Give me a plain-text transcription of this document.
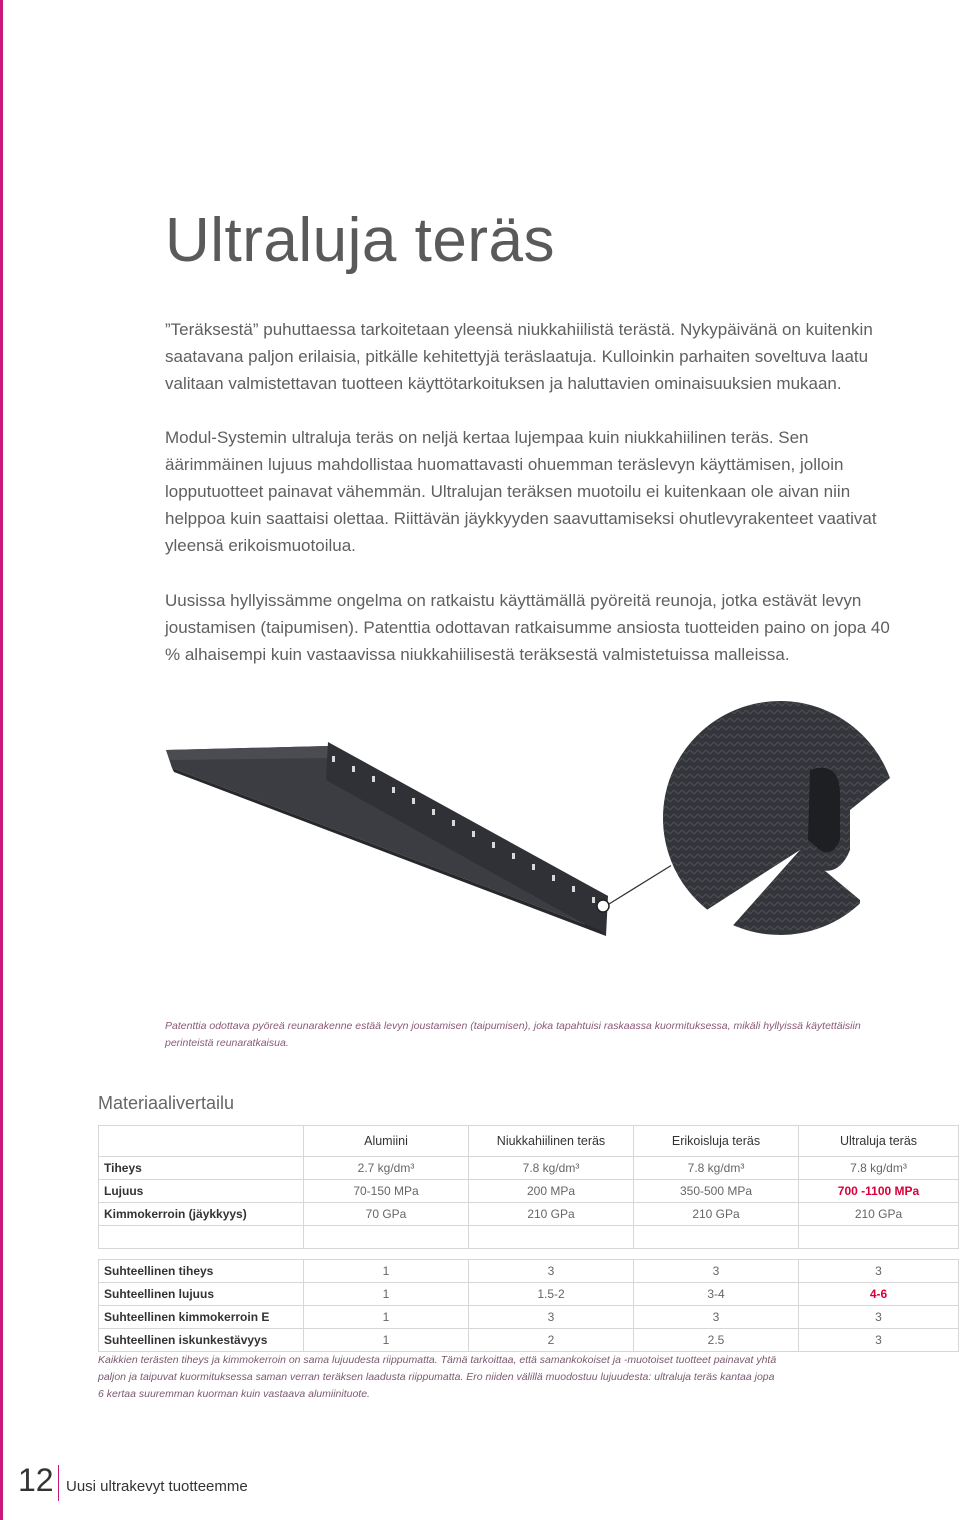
Ultraluja teräs

”Teräksestä” puhuttaessa tarkoitetaan yleensä niukkahiilistä terästä. Nykypäivänä on kuitenkin saatavana paljon erilaisia, pitkälle kehitettyjä teräslaatuja. Kulloinkin parhaiten soveltuva laatu valitaan valmistettavan tuotteen käyttötarkoituksen ja haluttavien ominaisuuksien mukaan.

Modul-Systemin ultraluja teräs on neljä kertaa lujempaa kuin niukkahiilinen teräs. Sen äärimmäinen lujuus mahdollistaa huomattavasti ohuemman teräslevyn käyttämisen, jolloin lopputuotteet painavat vähemmän. Ultralujan teräksen muotoilu ei kuitenkaan ole aivan niin helppoa kuin saattaisi olettaa. Riittävän jäykkyyden saavuttamiseksi ohutlevyrakenteet vaativat yleensä erikoismuotoilua.

Uusissa hyllyissämme ongelma on ratkaistu käyttämällä pyöreitä reunoja, jotka estävät levyn joustamisen (taipumisen). Patenttia odottavan ratkaisumme ansiosta tuotteiden paino on jopa 40 % alhaisempi kuin vastaavissa niukkahiilisestä teräksestä valmistetuissa malleissa.

Patenttia odottava pyöreä reunarakenne estää levyn joustamisen (taipumisen), joka tapahtuisi raskaassa kuormituksessa, mikäli hyllyissä käytettäisiin perinteistä reunaratkaisua.

Materiaalivertailu
	Alumiini	Niukkahiilinen teräs	Erikoisluja teräs	Ultraluja teräs
Tiheys	2.7 kg/dm³	7.8 kg/dm³	7.8 kg/dm³	7.8 kg/dm³
Lujuus	70-150 MPa	200 MPa	350-500 MPa	700 -1100 MPa
Kimmokerroin (jäykkyys)	70 GPa	210 GPa	210 GPa	210 GPa

Suhteellinen tiheys	1	3	3	3
Suhteellinen lujuus	1	1.5-2	3-4	4-6
Suhteellinen kimmokerroin E	1	3	3	3
Suhteellinen iskunkestävyys	1	2	2.5	3

Kaikkien terästen tiheys ja kimmokerroin on sama lujuudesta riippumatta. Tämä tarkoittaa, että samankokoiset ja -muotoiset tuotteet painavat yhtä paljon ja taipuvat kuormituksessa saman verran teräksen laadusta riippumatta. Ero niiden välillä muodostuu lujuudesta: ultraluja teräs kantaa jopa 6 kertaa suuremman kuorman kuin vastaava alumiinituote.

12 Uusi ultrakevyt tuotteemme
